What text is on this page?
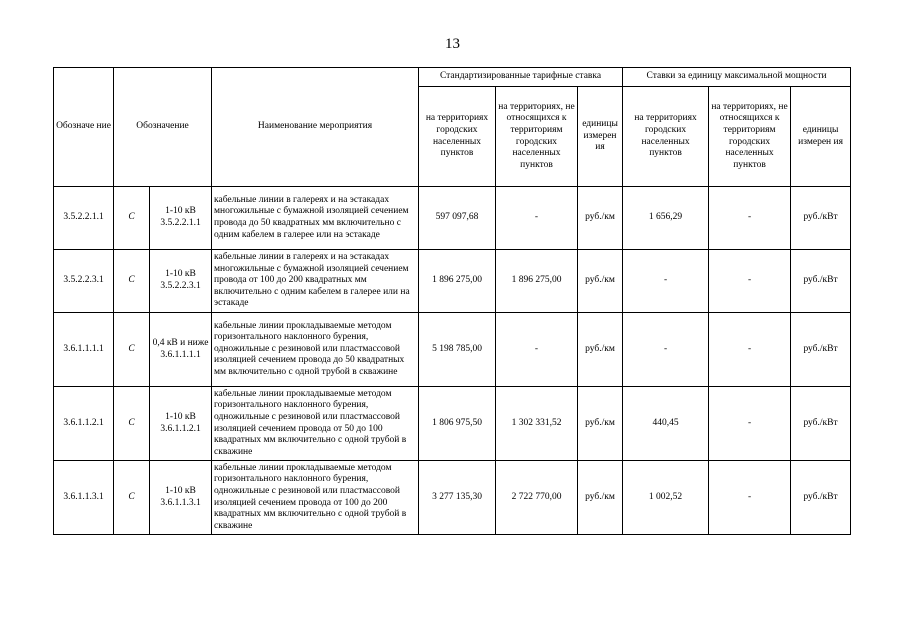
13
Обозначе ние	Обозначение		Наименование мероприятия	Стандартизированные тарифные ставка			Ставки за единицу максимальной мощности		
				на территориях городских населенных пунктов	на территориях, не относящихся к территориям городских населенных пунктов	единицы измерен ия	на территориях городских населенных пунктов	на территориях, не относящихся к территориям городских населенных пунктов	единицы измерен ия
3.5.2.2.1.1	C	1-10 кВ 3.5.2.2.1.1	кабельные линии в галереях и на эстакадах многожильные с бумажной изоляцией сечением провода до 50 квадратных мм включительно с одним кабелем в галерее или на эстакаде	597 097,68	-	руб./км	1 656,29	-	руб./кВт
3.5.2.2.3.1	C	1-10 кВ 3.5.2.2.3.1	кабельные линии в галереях и на эстакадах многожильные с бумажной изоляцией сечением провода от 100 до 200 квадратных мм включительно с одним кабелем в галерее или на эстакаде	1 896 275,00	1 896 275,00	руб./км	-	-	руб./кВт
3.6.1.1.1.1	C	0,4 кВ и ниже 3.6.1.1.1.1	кабельные линии прокладываемые методом горизонтального наклонного бурения, одножильные с резиновой или пластмассовой изоляцией сечением провода до 50 квадратных мм включительно с одной трубой в скважине	5 198 785,00	-	руб./км	-	-	руб./кВт
3.6.1.1.2.1	C	1-10 кВ 3.6.1.1.2.1	кабельные линии прокладываемые методом горизонтального наклонного бурения, одножильные с резиновой или пластмассовой изоляцией сечением провода от 50 до 100 квадратных мм включительно с одной трубой в скважине	1 806 975,50	1 302 331,52	руб./км	440,45	-	руб./кВт
3.6.1.1.3.1	C	1-10 кВ 3.6.1.1.3.1	кабельные линии прокладываемые методом горизонтального наклонного бурения, одножильные с резиновой или пластмассовой изоляцией сечением провода от 100 до 200 квадратных мм включительно с одной трубой в скважине	3 277 135,30	2 722 770,00	руб./км	1 002,52	-	руб./кВт
